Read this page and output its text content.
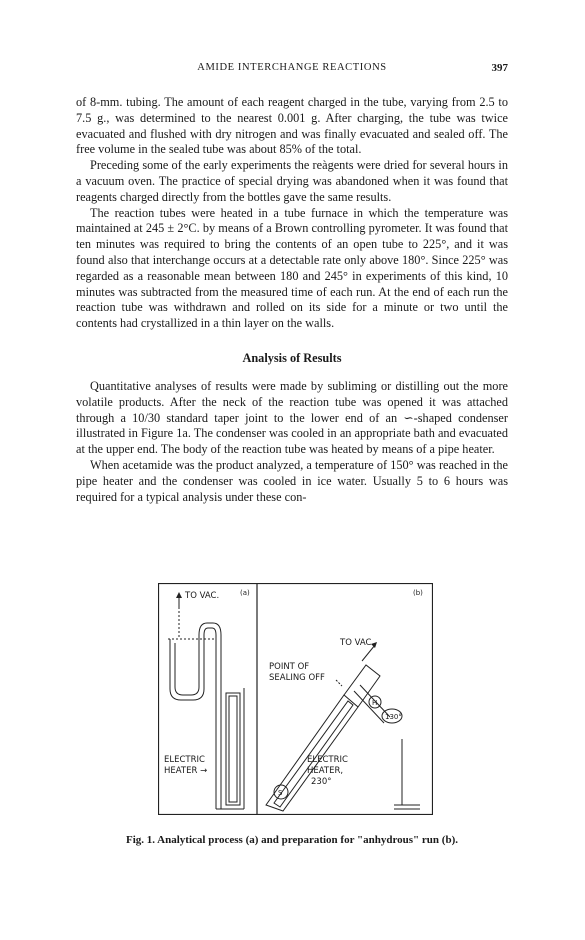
AMIDE INTERCHANGE REACTIONS	397

of 8-mm. tubing. The amount of each reagent charged in the tube, varying from 2.5 to 7.5 g., was determined to the nearest 0.001 g. After charging, the tube was twice evacuated and flushed with dry nitrogen and was finally evacuated and sealed off. The free volume in the sealed tube was about 85% of the total.

Preceding some of the early experiments the reàgents were dried for several hours in a vacuum oven. The practice of special drying was abandoned when it was found that reagents charged directly from the bottles gave the same results.

The reaction tubes were heated in a tube furnace in which the temperature was maintained at 245 ± 2°C. by means of a Brown controlling pyrometer. It was found that ten minutes was required to bring the contents of an open tube to 225°, and it was found also that interchange occurs at a detectable rate only above 180°. Since 225° was regarded as a reasonable mean between 180 and 245° in experiments of this kind, 10 minutes was subtracted from the measured time of each run. At the end of each run the reaction tube was withdrawn and rolled on its side for a minute or two until the contents had crystallized in a thin layer on the walls.

Analysis of Results

Quantitative analyses of results were made by subliming or distilling out the more volatile products. After the neck of the reaction tube was opened it was attached through a 10/30 standard taper joint to the lower end of an ∽-shaped condenser illustrated in Figure 1a. The condenser was cooled in an appropriate bath and evacuated at the upper end. The body of the reaction tube was heated by means of a pipe heater.

When acetamide was the product analyzed, a temperature of 150° was reached in the pipe heater and the condenser was cooled in ice water. Usually 5 to 6 hours was required for a typical analysis under these con-

TO VAC.	(a)
ELECTRIC
HEATER →
(b)
TO VAC.
POINT OF
SEALING OFF
H
130°
S
ELECTRIC
HEATER,
230°
Fig. 1. Analytical process (a) and preparation for "anhydrous" run (b).
